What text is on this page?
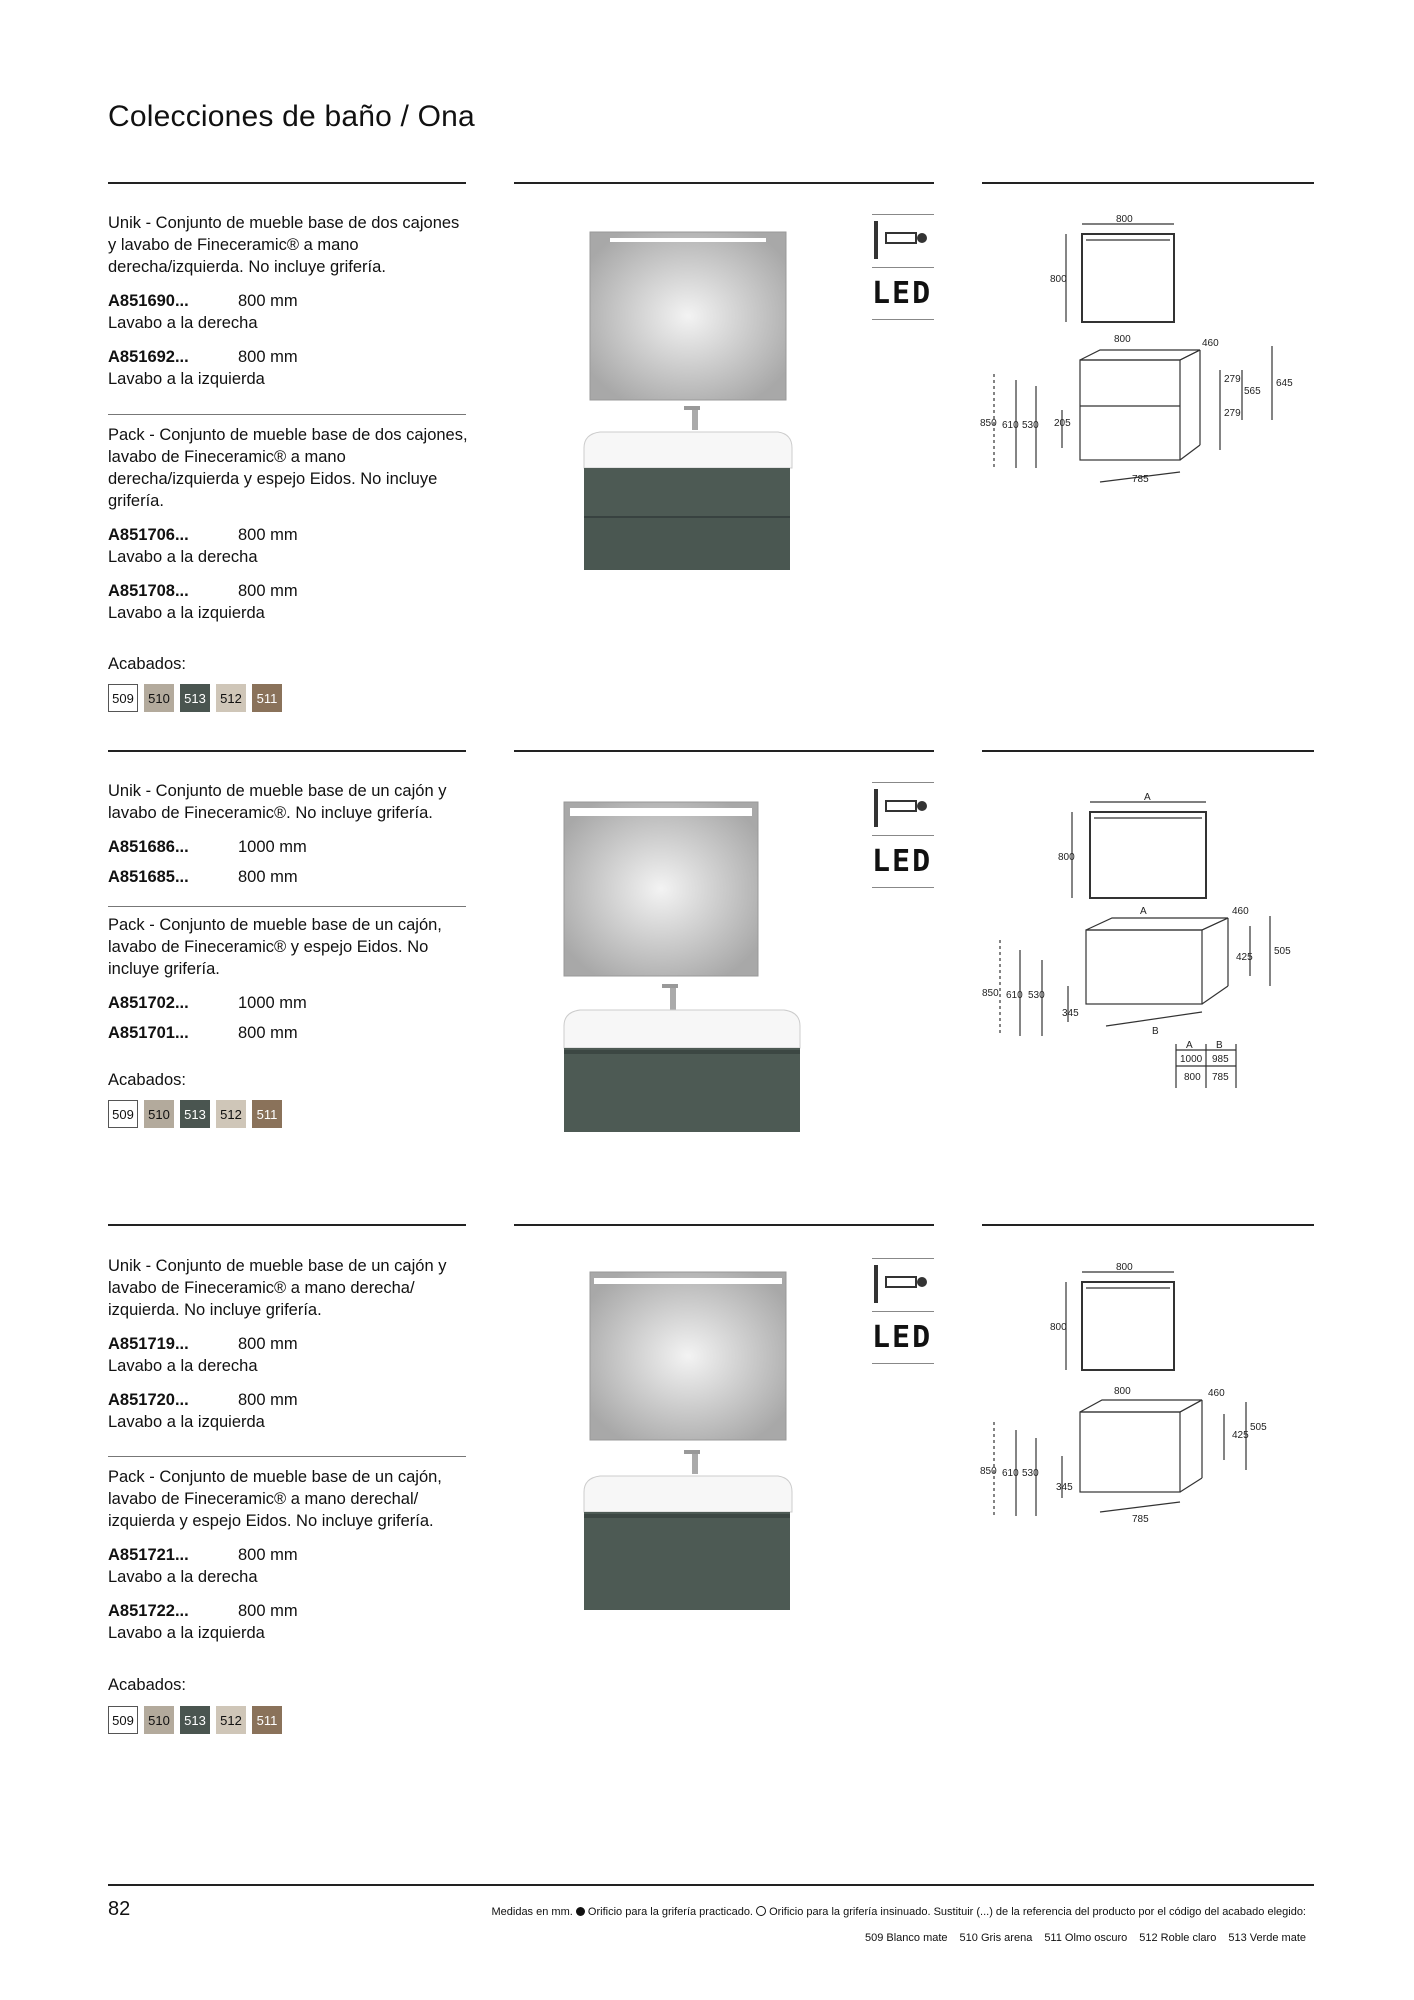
Colecciones de baño / Ona

Unik - Conjunto de mueble base de dos cajones y lavabo de Fineceramic® a mano derecha/izquierda. No incluye grifería.

A851690...	800 mm

Lavabo a la derecha

A851692...	800 mm

Lavabo a la izquierda

Pack - Conjunto de mueble base de dos cajones, lavabo de Fineceramic® a mano derecha/izquierda y espejo Eidos. No incluye grifería.

A851706...	800 mm

Lavabo a la derecha

A851708...	800 mm

Lavabo a la izquierda

Acabados:
509	510	513	512	511
LED
800
800
800	460
279
565
645
279
850 610 530 205
785

Unik - Conjunto de mueble base de un cajón y lavabo de Fineceramic®. No incluye grifería.

A851686...	1000 mm
A851685...	800 mm

Pack - Conjunto de mueble base de un cajón, lavabo de Fineceramic® y espejo Eidos. No incluye grifería.

A851702...	1000 mm
A851701...	800 mm
Acabados:
509	510	513	512	511
LED
A
800
A	460
425
505
850 610 530
345
B
A B
1000 985
800 785

Unik - Conjunto de mueble base de un cajón y lavabo de Fineceramic® a mano derecha/ izquierda. No incluye grifería.

A851719...	800 mm

Lavabo a la derecha

A851720...	800 mm

Lavabo a la izquierda

Pack - Conjunto de mueble base de un cajón, lavabo de Fineceramic® a mano derechal/ izquierda y espejo Eidos. No incluye grifería.

A851721...	800 mm

Lavabo a la derecha

A851722...	800 mm

Lavabo a la izquierda

Acabados:
509	510	513	512	511
LED
800
800
800	460
425
505
850 610 530
345
785
82	Medidas en mm. Orificio para la grifería practicado. Orificio para la grifería insinuado. Sustituir (...) de la referencia del producto por el código del acabado elegido:
509 Blanco mate 510 Gris arena 511 Olmo oscuro 512 Roble claro 513 Verde mate
